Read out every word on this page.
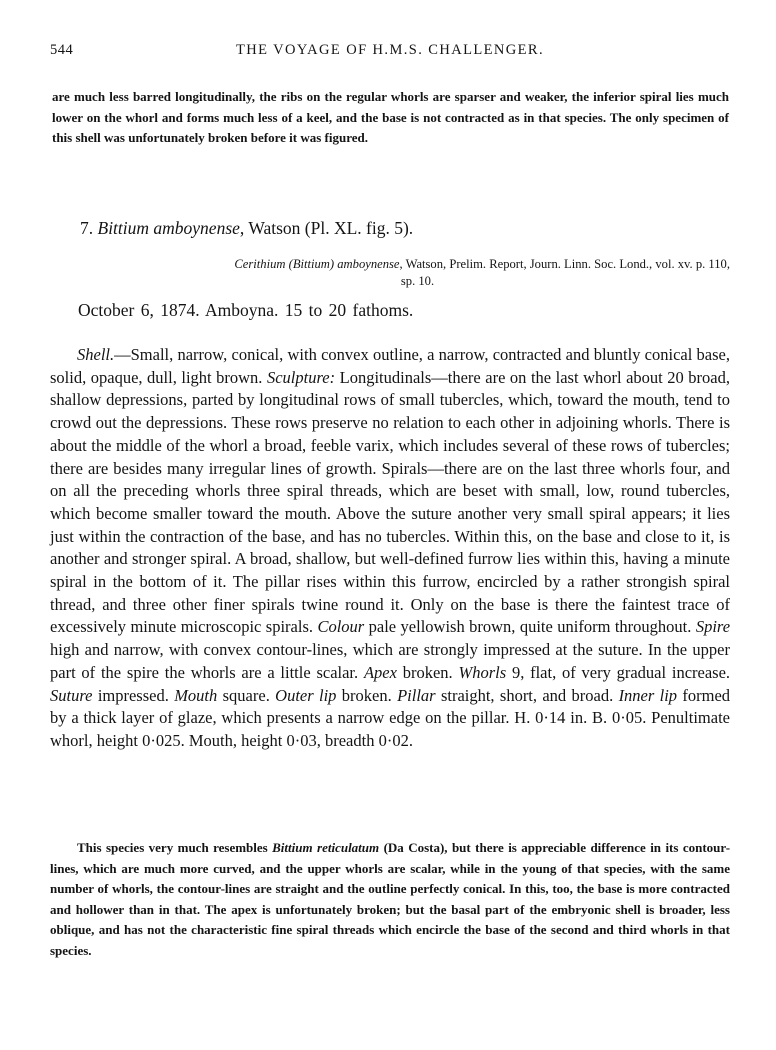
544	THE VOYAGE OF H.M.S. CHALLENGER.

are much less barred longitudinally, the ribs on the regular whorls are sparser and weaker, the inferior spiral lies much lower on the whorl and forms much less of a keel, and the base is not contracted as in that species. The only specimen of this shell was unfortunately broken before it was figured.

7. Bittium amboynense, Watson (Pl. XL. fig. 5).

Cerithium (Bittium) amboynense, Watson, Prelim. Report, Journ. Linn. Soc. Lond., vol. xv. p. 110,
sp. 10.

October 6, 1874. Amboyna. 15 to 20 fathoms.

Shell.—Small, narrow, conical, with convex outline, a narrow, contracted and bluntly conical base, solid, opaque, dull, light brown. Sculpture: Longitudinals—there are on the last whorl about 20 broad, shallow depressions, parted by longitudinal rows of small tubercles, which, toward the mouth, tend to crowd out the depressions. These rows preserve no relation to each other in adjoining whorls. There is about the middle of the whorl a broad, feeble varix, which includes several of these rows of tubercles; there are besides many irregular lines of growth. Spirals—there are on the last three whorls four, and on all the preceding whorls three spiral threads, which are beset with small, low, round tubercles, which become smaller toward the mouth. Above the suture another very small spiral appears; it lies just within the contraction of the base, and has no tubercles. Within this, on the base and close to it, is another and stronger spiral. A broad, shallow, but well-defined furrow lies within this, having a minute spiral in the bottom of it. The pillar rises within this furrow, encircled by a rather strongish spiral thread, and three other finer spirals twine round it. Only on the base is there the faintest trace of excessively minute microscopic spirals. Colour pale yellowish brown, quite uniform throughout. Spire high and narrow, with convex contour-lines, which are strongly impressed at the suture. In the upper part of the spire the whorls are a little scalar. Apex broken. Whorls 9, flat, of very gradual increase. Suture impressed. Mouth square. Outer lip broken. Pillar straight, short, and broad. Inner lip formed by a thick layer of glaze, which presents a narrow edge on the pillar. H. 0·14 in. B. 0·05. Penultimate whorl, height 0·025. Mouth, height 0·03, breadth 0·02.

This species very much resembles Bittium reticulatum (Da Costa), but there is appreciable difference in its contour-lines, which are much more curved, and the upper whorls are scalar, while in the young of that species, with the same number of whorls, the contour-lines are straight and the outline perfectly conical. In this, too, the base is more contracted and hollower than in that. The apex is unfortunately broken; but the basal part of the embryonic shell is broader, less oblique, and has not the characteristic fine spiral threads which encircle the base of the second and third whorls in that species.
